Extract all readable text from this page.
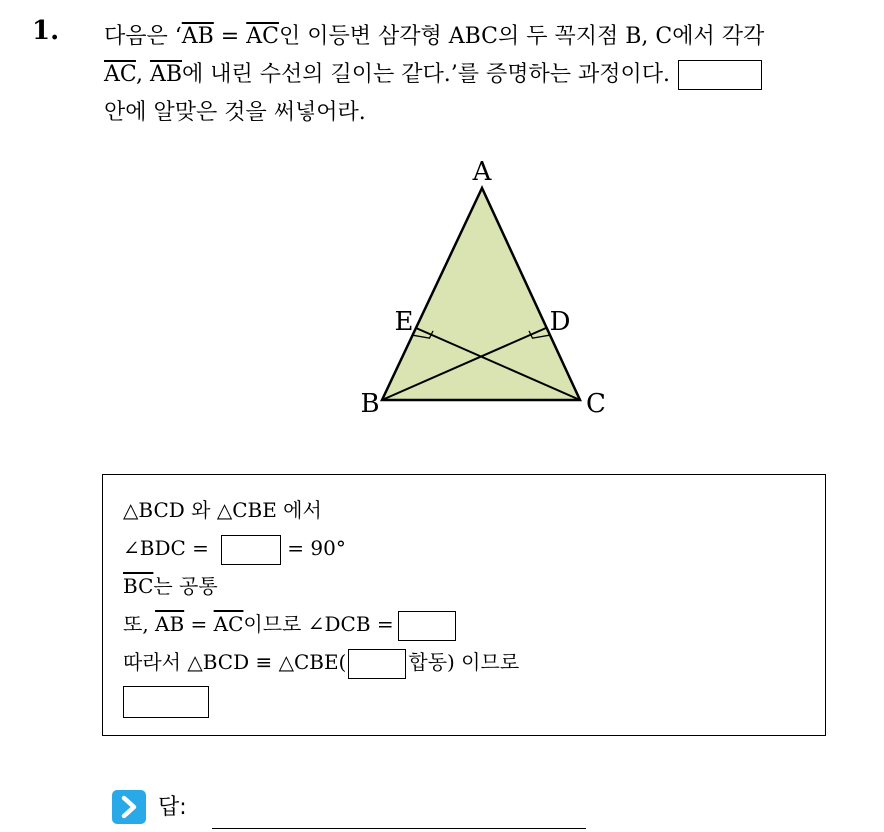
1. 다음은 ‘$\overline{AB} = \overline{AC}$인 이등변 삼각형 ABC의 두 꼭지점 B, C에서 각각
$\overline{AC}$, $\overline{AB}$에 내린 수선의 길이는 같다.’를 증명하는 과정이다.
안에 알맞은 것을 써넣어라.
A
B	C
D
E
△BCD 와 △CBE 에서
∠BDC =	= 90°
$\overline{BC}$는 공통
또, $\overline{AB} = \overline{AC}$이므로 ∠DCB =
따라서 △BCD ≡ △CBE(	합동) 이므로
답:
